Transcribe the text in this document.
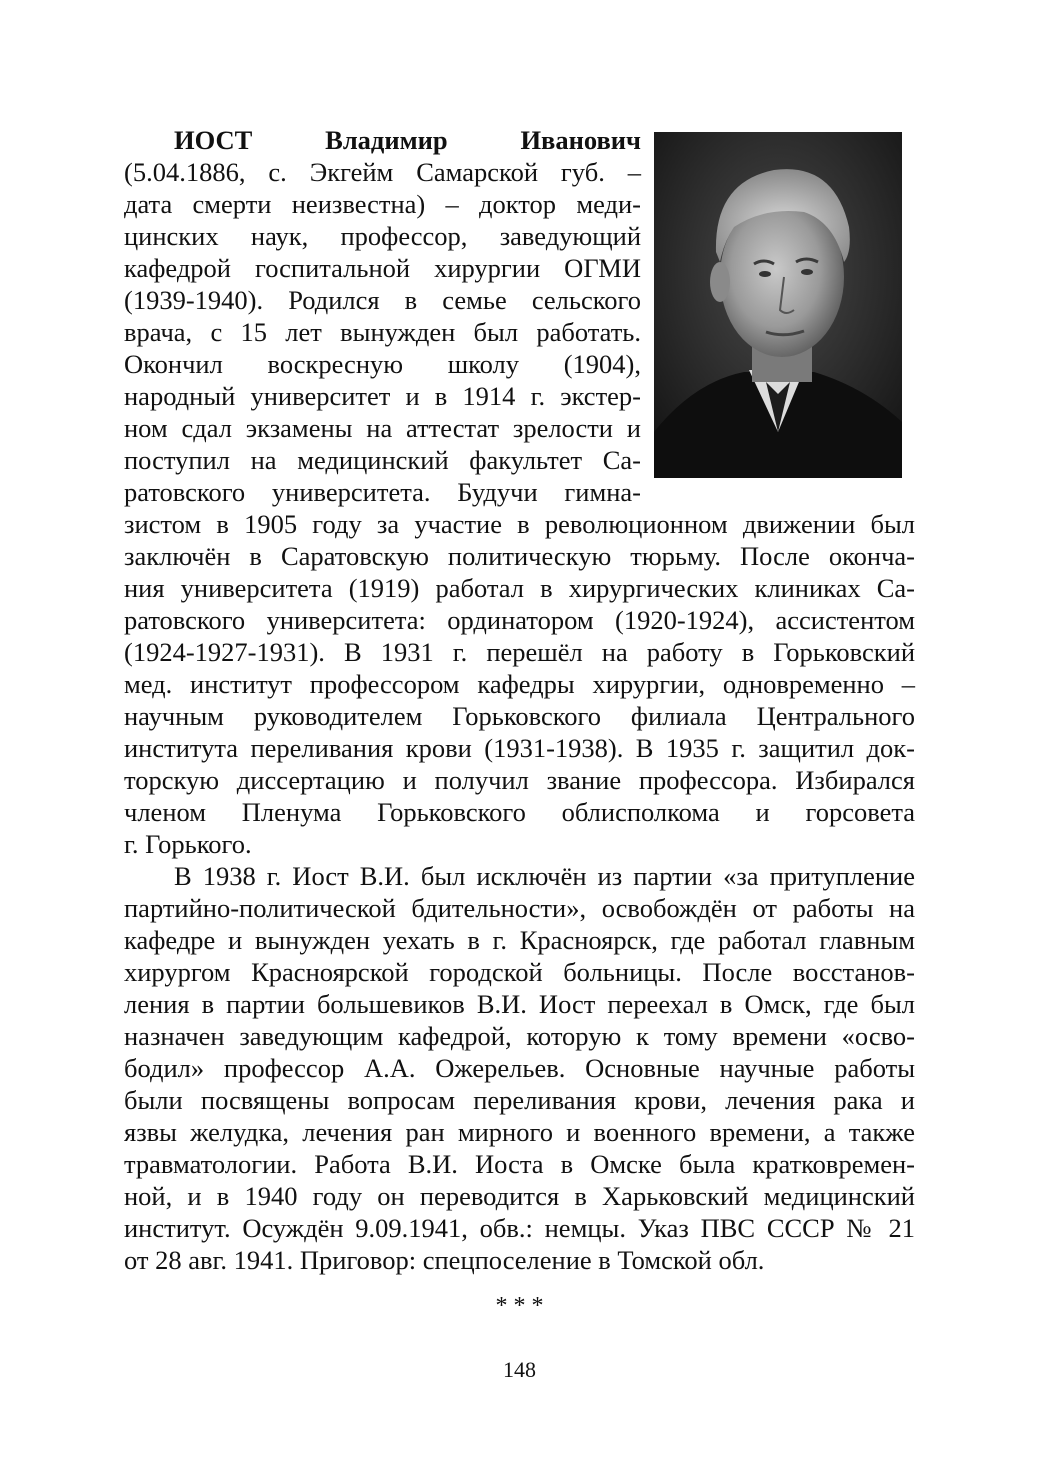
ИОСТ	Владимир	Иванович
(5.04.1886, с. Экгейм Самарской губ. –
дата смерти неизвестна) – доктор меди-
цинских наук, профессор, заведующий
кафедрой госпитальной хирургии ОГМИ
(1939-1940). Родился в семье сельского
врача, с 15 лет вынужден был работать.
Окончил воскресную школу (1904),
народный университет и в 1914 г. экстер-
ном сдал экзамены на аттестат зрелости и
поступил на медицинский факультет Са-
ратовского университета. Будучи гимна-
зистом в 1905 году за участие в революционном движении был
заключён в Саратовскую политическую тюрьму. После оконча-
ния университета (1919) работал в хирургических клиниках Са-
ратовского университета: ординатором (1920-1924), ассистентом
(1924-1927-1931). В 1931 г. перешёл на работу в Горьковский
мед. институт профессором кафедры хирургии, одновременно –
научным руководителем Горьковского филиала Центрального
института переливания крови (1931-1938). В 1935 г. защитил док-
торскую диссертацию и получил звание профессора. Избирался
членом Пленума Горьковского облисполкома и горсовета
г. Горького.
В 1938 г. Иост В.И. был исключён из партии «за притупление
партийно-политической бдительности», освобождён от работы на
кафедре и вынужден уехать в г. Красноярск, где работал главным
хирургом Красноярской городской больницы. После восстанов-
ления в партии большевиков В.И. Иост переехал в Омск, где был
назначен заведующим кафедрой, которую к тому времени «осво-
бодил» профессор А.А. Ожерельев. Основные научные работы
были посвящены вопросам переливания крови, лечения рака и
язвы желудка, лечения ран мирного и военного времени, а также
травматологии. Работа В.И. Иоста в Омске была кратковремен-
ной, и в 1940 году он переводится в Харьковский медицинский
институт. Осуждён 9.09.1941, обв.: немцы. Указ ПВС СССР № 21
от 28 авг. 1941. Приговор: спецпоселение в Томской обл.
* * *
148
